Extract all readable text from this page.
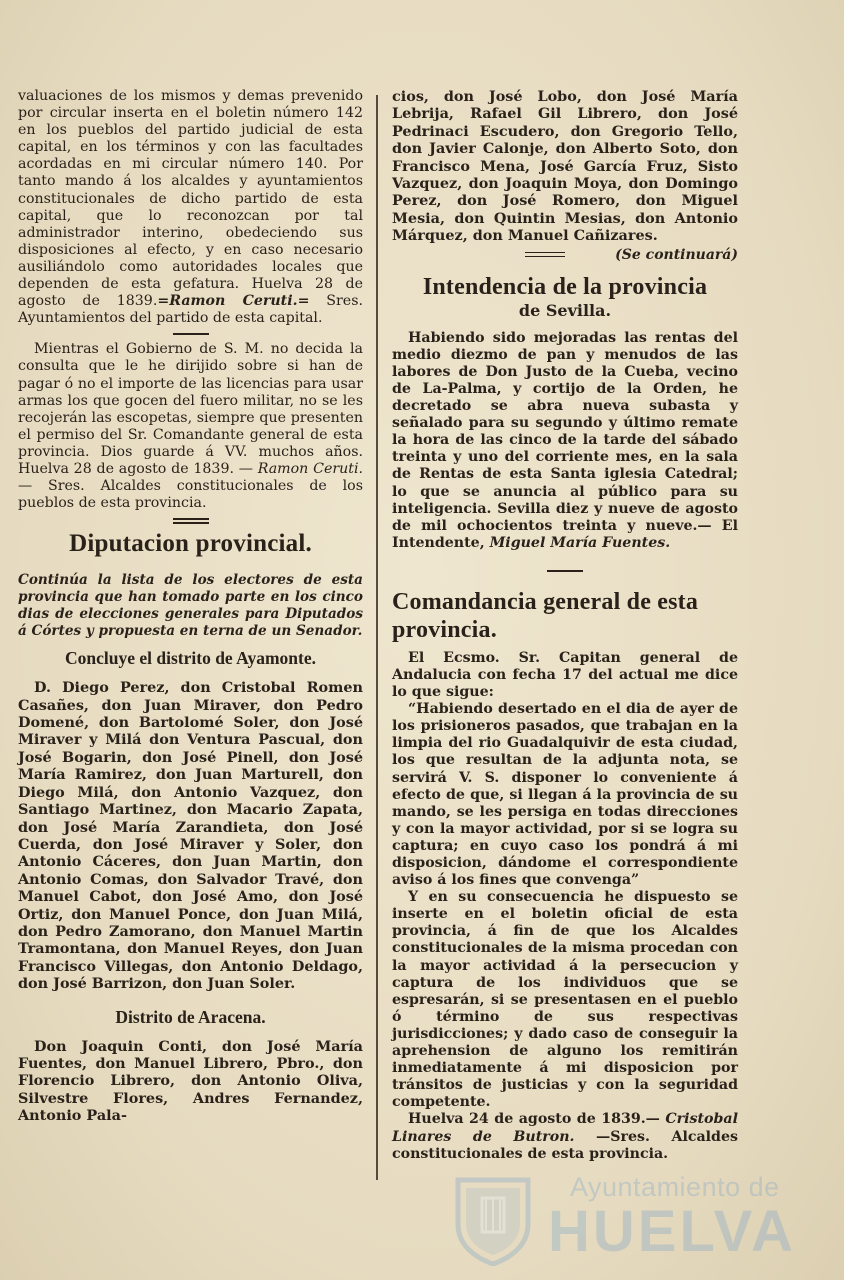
valuaciones de los mismos y demas prevenido por circular inserta en el boletin número 142 en los pueblos del partido judicial de esta capital, en los términos y con las facultades acordadas en mi circular número 140. Por tanto mando á los alcaldes y ayuntamientos constitucionales de dicho partido de esta capital, que lo reconozcan por tal administrador interino, obedeciendo sus disposiciones al efecto, y en caso necesario ausiliándolo como autoridades locales que dependen de esta gefatura. Huelva 28 de agosto de 1839.=Ramon Ceruti.= Sres. Ayuntamientos del partido de esta capital.

Mientras el Gobierno de S. M. no decida la consulta que le he dirijido sobre si han de pagar ó no el importe de las licencias para usar armas los que gocen del fuero militar, no se les recojerán las escopetas, siempre que presenten el permiso del Sr. Comandante general de esta provincia. Dios guarde á VV. muchos años. Huelva 28 de agosto de 1839. — Ramon Ceruti. — Sres. Alcaldes constitucionales de los pueblos de esta provincia.

Diputacion provincial.

Continúa la lista de los electores de esta provincia que han tomado parte en los cinco dias de elecciones generales para Diputados á Córtes y propuesta en terna de un Senador.

Concluye el distrito de Ayamonte.

D. Diego Perez, don Cristobal Romen Casañes, don Juan Miraver, don Pedro Domené, don Bartolomé Soler, don José Miraver y Milá don Ventura Pascual, don José Bogarin, don José Pinell, don José María Ramirez, don Juan Marturell, don Diego Milá, don Antonio Vazquez, don Santiago Martinez, don Macario Zapata, don José María Zarandieta, don José Cuerda, don José Miraver y Soler, don Antonio Cáceres, don Juan Martin, don Antonio Comas, don Salvador Travé, don Manuel Cabot, don José Amo, don José Ortiz, don Manuel Ponce, don Juan Milá, don Pedro Zamorano, don Manuel Martin Tramontana, don Manuel Reyes, don Juan Francisco Villegas, don Antonio Deldago, don José Barrizon, don Juan Soler.

Distrito de Aracena.

Don Joaquin Conti, don José María Fuentes, don Manuel Librero, Pbro., don Florencio Librero, don Antonio Oliva, Silvestre Flores, Andres Fernandez, Antonio Pala-

cios, don José Lobo, don José María Lebrija, Rafael Gil Librero, don José Pedrinaci Escudero, don Gregorio Tello, don Javier Calonje, don Alberto Soto, don Francisco Mena, José García Fruz, Sisto Vazquez, don Joaquin Moya, don Domingo Perez, don José Romero, don Miguel Mesia, don Quintin Mesias, don Antonio Márquez, don Manuel Cañizares.

(Se continuará)
Intendencia de la provincia
de Sevilla.

Habiendo sido mejoradas las rentas del medio diezmo de pan y menudos de las labores de Don Justo de la Cueba, vecino de La-Palma, y cortijo de la Orden, he decretado se abra nueva subasta y señalado para su segundo y último remate la hora de las cinco de la tarde del sábado treinta y uno del corriente mes, en la sala de Rentas de esta Santa iglesia Catedral; lo que se anuncia al público para su inteligencia. Sevilla diez y nueve de agosto de mil ochocientos treinta y nueve.— El Intendente, Miguel María Fuentes.

Comandancia general de esta provincia.

El Ecsmo. Sr. Capitan general de Andalucia con fecha 17 del actual me dice lo que sigue:

“Habiendo desertado en el dia de ayer de los prisioneros pasados, que trabajan en la limpia del rio Guadalquivir de esta ciudad, los que resultan de la adjunta nota, se servirá V. S. disponer lo conveniente á efecto de que, si llegan á la provincia de su mando, se les persiga en todas direcciones y con la mayor actividad, por si se logra su captura; en cuyo caso los pondrá á mi disposicion, dándome el correspondiente aviso á los fines que convenga”

Y en su consecuencia he dispuesto se inserte en el boletin oficial de esta provincia, á fin de que los Alcaldes constitucionales de la misma procedan con la mayor actividad á la persecucion y captura de los individuos que se espresarán, si se presentasen en el pueblo ó término de sus respectivas jurisdicciones; y dado caso de conseguir la aprehension de alguno los remitirán inmediatamente á mi disposicion por tránsitos de justicias y con la seguridad competente.

Huelva 24 de agosto de 1839.— Cristobal Linares de Butron. —Sres. Alcaldes constitucionales de esta provincia.

Ayuntamiento de
HUELVA
